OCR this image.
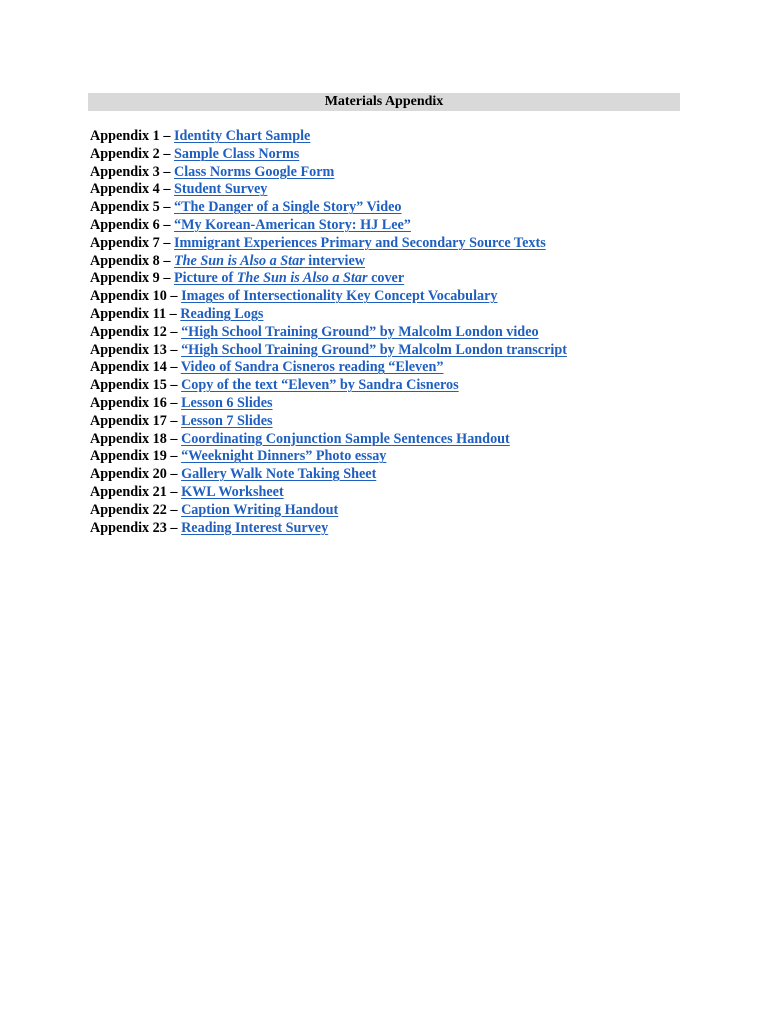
Materials Appendix
Appendix 1 – Identity Chart Sample
Appendix 2 – Sample Class Norms
Appendix 3 – Class Norms Google Form
Appendix 4 – Student Survey
Appendix 5 – “The Danger of a Single Story” Video
Appendix 6 – “My Korean-American Story: HJ Lee”
Appendix 7 – Immigrant Experiences Primary and Secondary Source Texts
Appendix 8 – The Sun is Also a Star interview
Appendix 9 – Picture of The Sun is Also a Star cover
Appendix 10 – Images of Intersectionality Key Concept Vocabulary
Appendix 11 – Reading Logs
Appendix 12 – “High School Training Ground” by Malcolm London video
Appendix 13 – “High School Training Ground” by Malcolm London transcript
Appendix 14 – Video of Sandra Cisneros reading “Eleven”
Appendix 15 – Copy of the text “Eleven” by Sandra Cisneros
Appendix 16 – Lesson 6 Slides
Appendix 17 – Lesson 7 Slides
Appendix 18 – Coordinating Conjunction Sample Sentences Handout
Appendix 19 – “Weeknight Dinners” Photo essay
Appendix 20 – Gallery Walk Note Taking Sheet
Appendix 21 – KWL Worksheet
Appendix 22 – Caption Writing Handout
Appendix 23 – Reading Interest Survey
